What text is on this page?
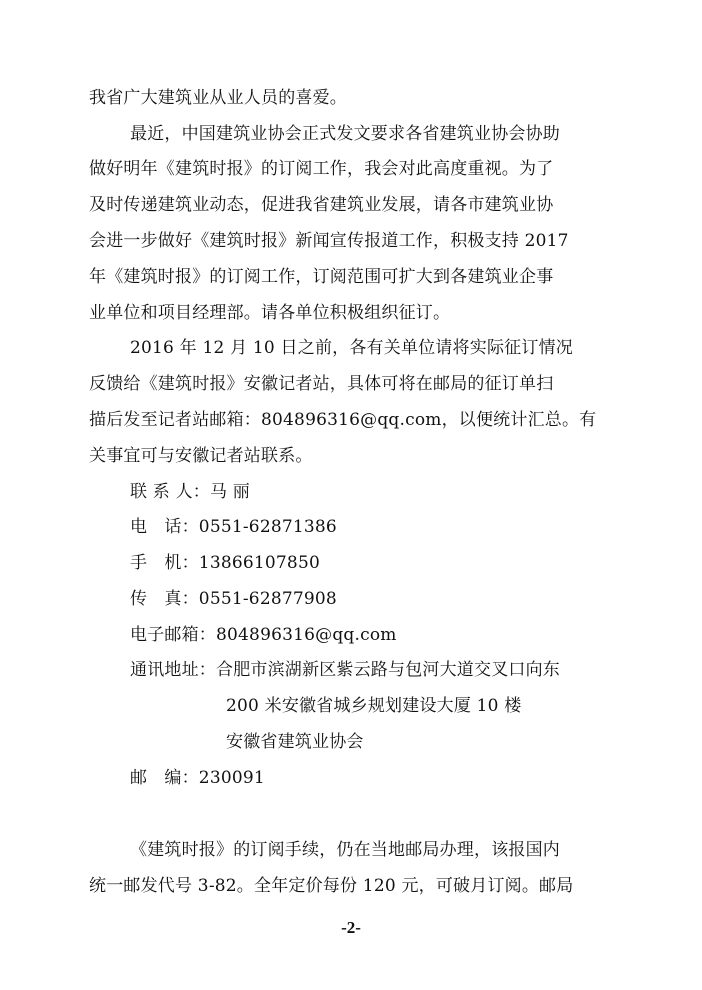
我省广大建筑业从业人员的喜爱。
最近，中国建筑业协会正式发文要求各省建筑业协会协助
做好明年《建筑时报》的订阅工作，我会对此高度重视。为了
及时传递建筑业动态，促进我省建筑业发展，请各市建筑业协
会进一步做好《建筑时报》新闻宣传报道工作，积极支持 2017
年《建筑时报》的订阅工作，订阅范围可扩大到各建筑业企事
业单位和项目经理部。请各单位积极组织征订。
2016 年 12 月 10 日之前，各有关单位请将实际征订情况
反馈给《建筑时报》安徽记者站，具体可将在邮局的征订单扫
描后发至记者站邮箱：804896316@qq.com，以便统计汇总。有
关事宜可与安徽记者站联系。
联 系 人：马 丽
电　话：0551-62871386
手　机：13866107850
传　真：0551-62877908
电子邮箱：804896316@qq.com
通讯地址：合肥市滨湖新区紫云路与包河大道交叉口向东
200 米安徽省城乡规划建设大厦 10 楼
安徽省建筑业协会
邮　编：230091
《建筑时报》的订阅手续，仍在当地邮局办理，该报国内
统一邮发代号 3-82。全年定价每份 120 元，可破月订阅。邮局
-2-
